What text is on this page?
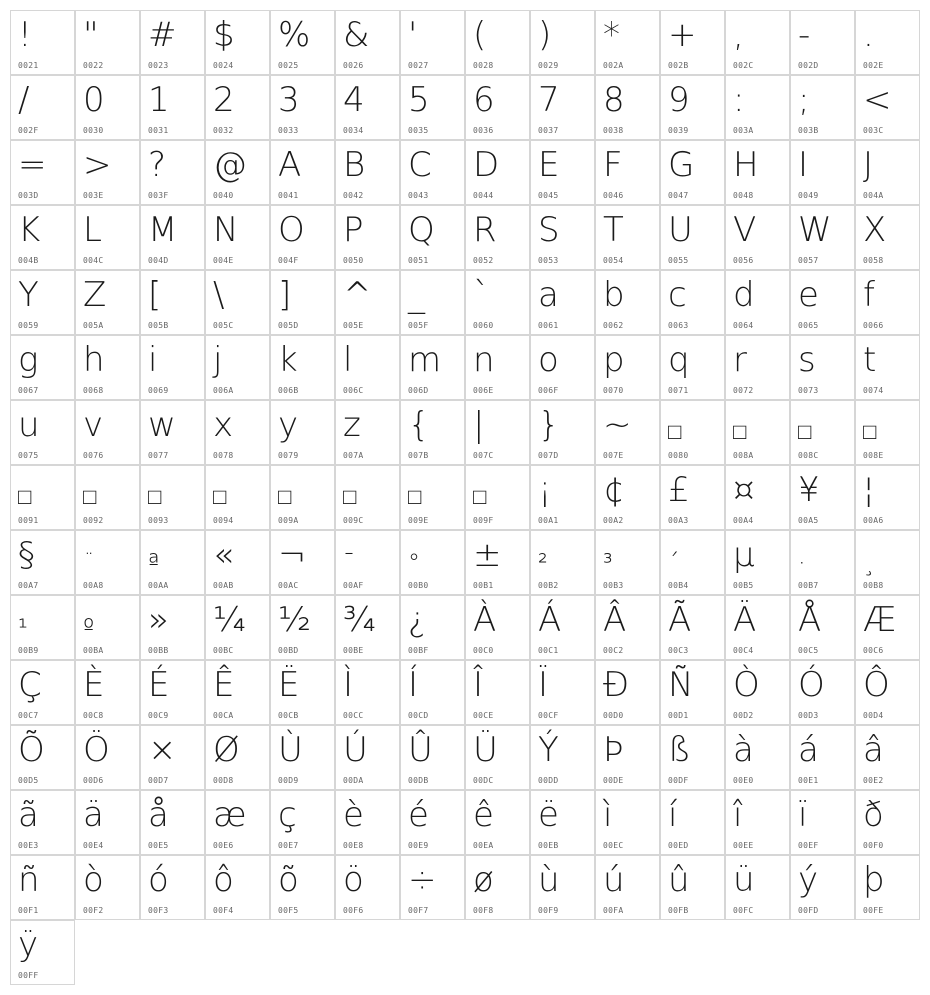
!
0021
"
0022
#
0023
$
0024
%
0025
&
0026
'
0027
(
0028
)
0029
*
002A
+
002B
,
002C
-
002D
.
002E
/
002F
0
0030
1
0031
2
0032
3
0033
4
0034
5
0035
6
0036
7
0037
8
0038
9
0039
:
003A
;
003B
<
003C
=
003D
>
003E
?
003F
@
0040
A
0041
B
0042
C
0043
D
0044
E
0045
F
0046
G
0047
H
0048
I
0049
J
004A
K
004B
L
004C
M
004D
N
004E
O
004F
P
0050
Q
0051
R
0052
S
0053
T
0054
U
0055
V
0056
W
0057
X
0058
Y
0059
Z
005A
[
005B
\
005C
]
005D
^
005E
_
005F
`
0060
a
0061
b
0062
c
0063
d
0064
e
0065
f
0066
g
0067
h
0068
i
0069
j
006A
k
006B
l
006C
m
006D
n
006E
o
006F
p
0070
q
0071
r
0072
s
0073
t
0074
u
0075
v
0076
w
0077
x
0078
y
0079
z
007A
{
007B
|
007C
}
007D
~
007E
□
0080
□
008A
□
008C
□
008E
□
0091
□
0092
□
0093
□
0094
□
009A
□
009C
□
009E
□
009F
¡
00A1
¢
00A2
£
00A3
¤
00A4
¥
00A5
¦
00A6
§
00A7
¨
00A8
ª
00AA
«
00AB
¬
00AC
¯
00AF
°
00B0
±
00B1
²
00B2
³
00B3
´
00B4
µ
00B5
·
00B7
¸
00B8
¹
00B9
º
00BA
»
00BB
¼
00BC
½
00BD
¾
00BE
¿
00BF
À
00C0
Á
00C1
Â
00C2
Ã
00C3
Ä
00C4
Å
00C5
Æ
00C6
Ç
00C7
È
00C8
É
00C9
Ê
00CA
Ë
00CB
Ì
00CC
Í
00CD
Î
00CE
Ï
00CF
Ð
00D0
Ñ
00D1
Ò
00D2
Ó
00D3
Ô
00D4
Õ
00D5
Ö
00D6
×
00D7
Ø
00D8
Ù
00D9
Ú
00DA
Û
00DB
Ü
00DC
Ý
00DD
Þ
00DE
ß
00DF
à
00E0
á
00E1
â
00E2
ã
00E3
ä
00E4
å
00E5
æ
00E6
ç
00E7
è
00E8
é
00E9
ê
00EA
ë
00EB
ì
00EC
í
00ED
î
00EE
ï
00EF
ð
00F0
ñ
00F1
ò
00F2
ó
00F3
ô
00F4
õ
00F5
ö
00F6
÷
00F7
ø
00F8
ù
00F9
ú
00FA
û
00FB
ü
00FC
ý
00FD
þ
00FE
ÿ
00FF
